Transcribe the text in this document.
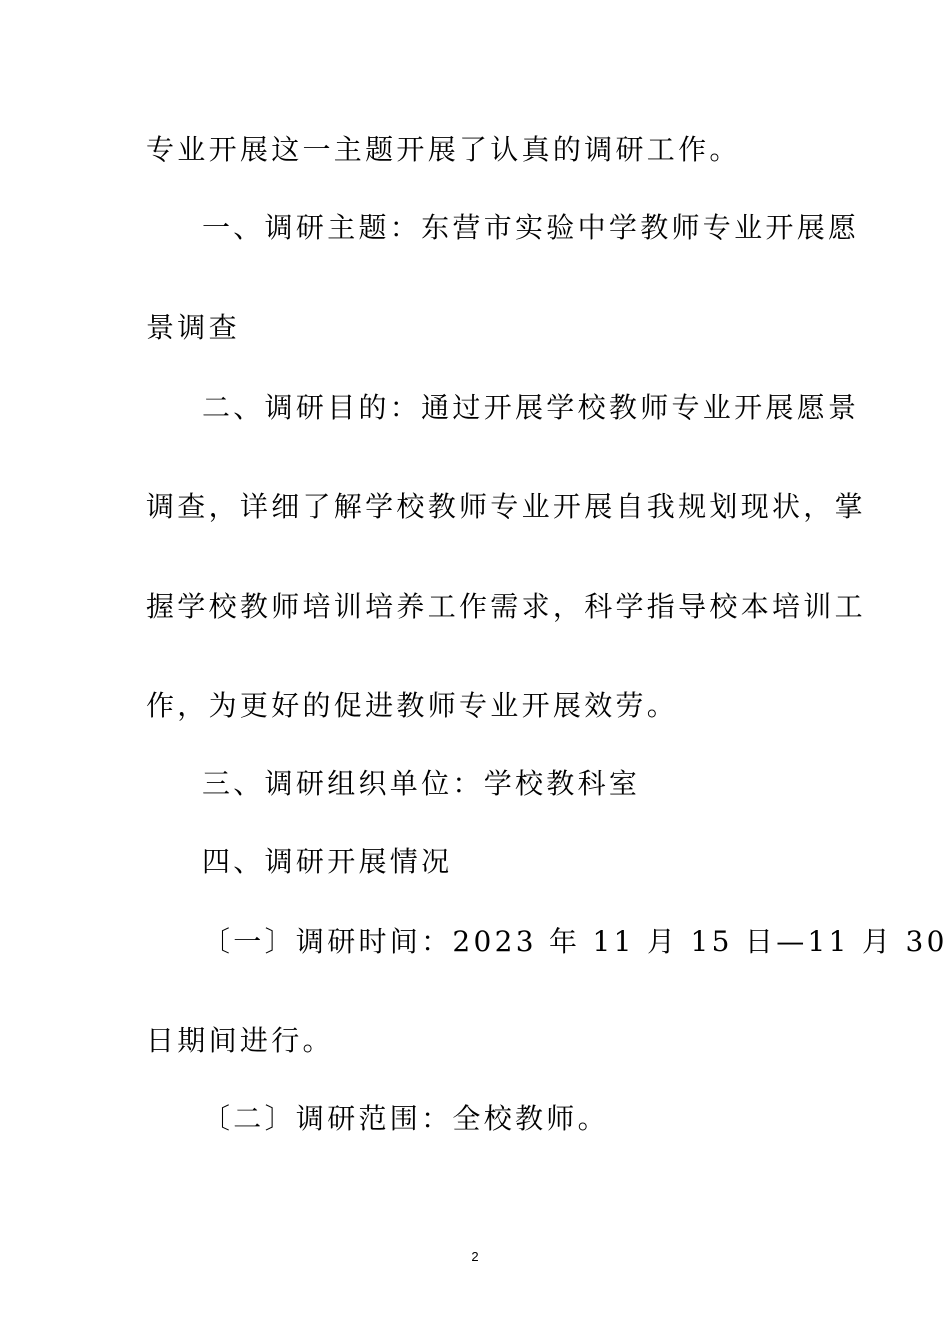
专业开展这一主题开展了认真的调研工作。
一、调研主题：东营市实验中学教师专业开展愿
景调查
二、调研目的：通过开展学校教师专业开展愿景
调查，详细了解学校教师专业开展自我规划现状，掌
握学校教师培训培养工作需求，科学指导校本培训工
作，为更好的促进教师专业开展效劳。
三、调研组织单位：学校教科室
四、调研开展情况
〔一〕调研时间：2023 年 11 月 15 日—11 月 30
日期间进行。
〔二〕调研范围：全校教师。
2
